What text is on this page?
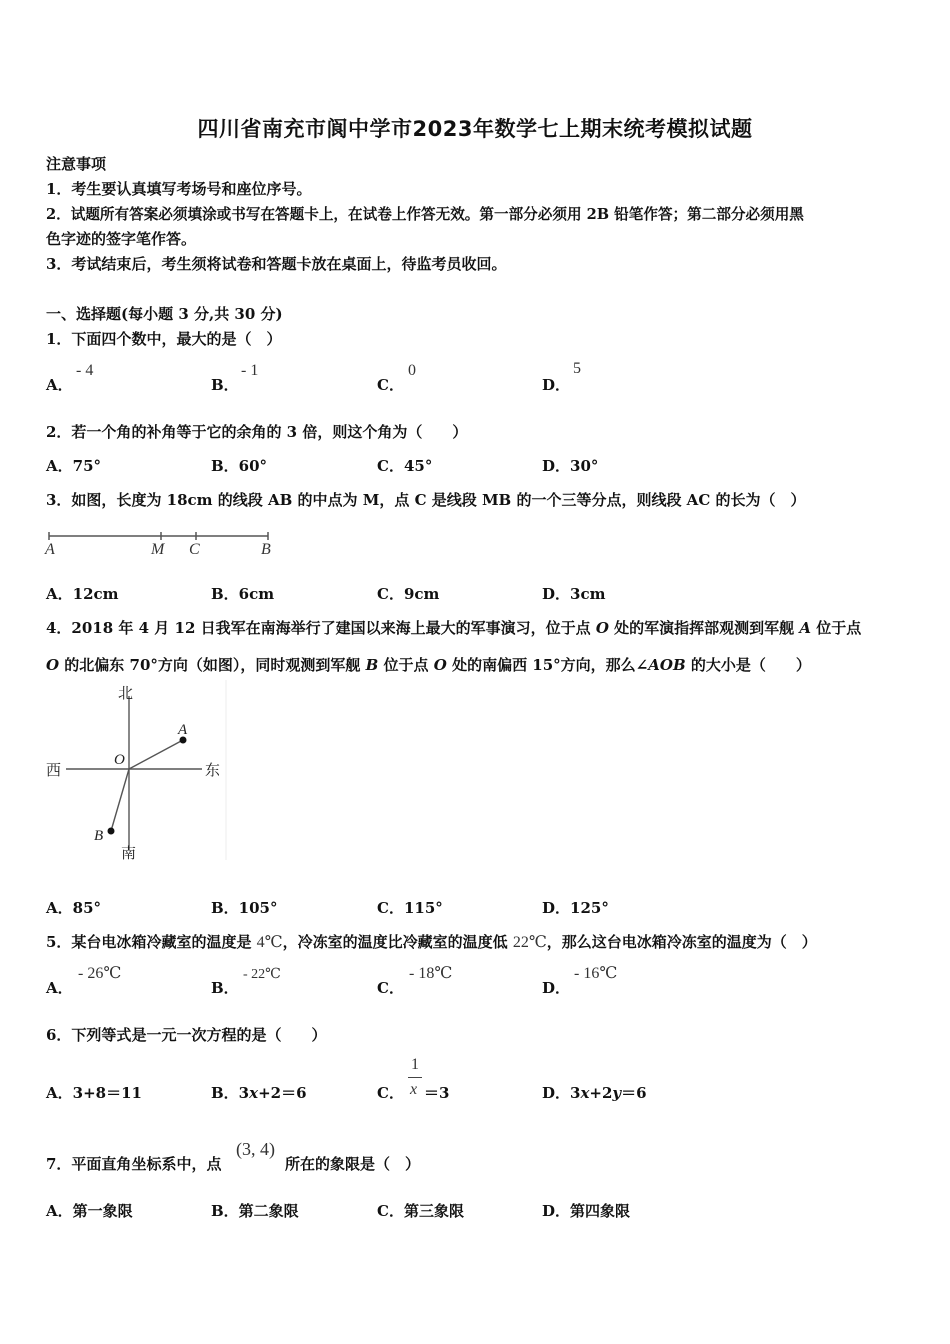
四川省南充市阆中学市2023年数学七上期末统考模拟试题
注意事项
1．考生要认真填写考场号和座位序号。
2．试题所有答案必须填涂或书写在答题卡上，在试卷上作答无效。第一部分必须用 2B 铅笔作答；第二部分必须用黑
色字迹的签字笔作答。
3．考试结束后，考生须将试卷和答题卡放在桌面上，待监考员收回。
一、选择题(每小题 3 分,共 30 分)
1．下面四个数中，最大的是（　）
A．
- 4
B．
- 1
C．
0
D．
5
2．若一个角的补角等于它的余角的 3 倍，则这个角为（　　）
A．75°	B．60°	C．45°	D．30°
3．如图，长度为 18cm 的线段 AB 的中点为 M，点 C 是线段 MB 的一个三等分点，则线段 AC 的长为（　）
A	M C	B
A．12cm	B．6cm	C．9cm	D．3cm
4．2018 年 4 月 12 日我军在南海举行了建国以来海上最大的军事演习，位于点 O 处的军演指挥部观测到军舰 A 位于点
O 的北偏东 70°方向（如图），同时观测到军舰 B 位于点 O 处的南偏西 15°方向，那么∠AOB 的大小是（　　）
北
南
西	东
O
A
B
A．85°	B．105°	C．115°	D．125°
5．某台电冰箱冷藏室的温度是 4℃，冷冻室的温度比冷藏室的温度低 22℃，那么这台电冰箱冷冻室的温度为（　）
A．
- 26℃
B．
- 22℃
C．
- 18℃
D．
- 16℃
6．下列等式是一元一次方程的是（　　）
A．3+8＝11	B．3x+2＝6	C．
1
x ＝3	D．3x+2y＝6
7．平面直角坐标系中，点
(3, 4)
所在的象限是（　）
A．第一象限	B．第二象限	C．第三象限	D．第四象限
